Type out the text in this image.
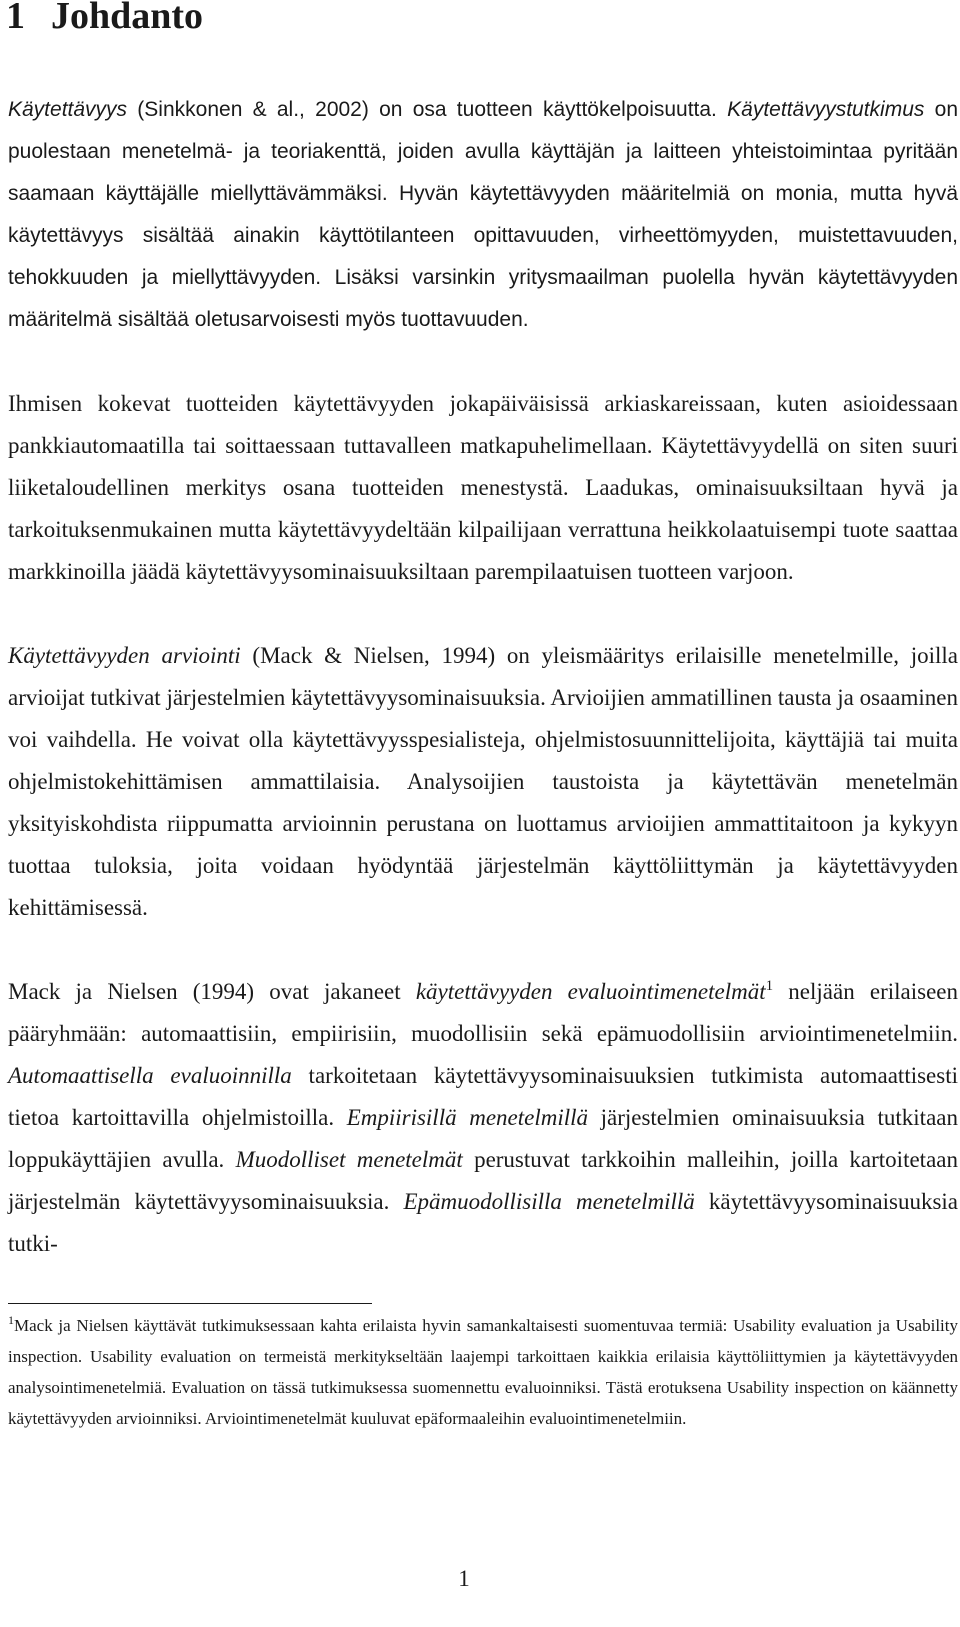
1 Johdanto

Käytettävyys (Sinkkonen & al., 2002) on osa tuotteen käyttökelpoisuutta. Käytettävyystutkimus on puolestaan menetelmä- ja teoriakenttä, joiden avulla käyttäjän ja laitteen yhteistoimintaa pyritään saamaan käyttäjälle miellyttävämmäksi. Hyvän käytettävyyden määritelmiä on monia, mutta hyvä käytettävyys sisältää ainakin käyttötilanteen opittavuuden, virheettömyyden, muistettavuuden, tehokkuuden ja miellyttävyyden. Lisäksi varsinkin yritysmaailman puolella hyvän käytettävyyden määritelmä sisältää oletusarvoisesti myös tuottavuuden.

Ihmisen kokevat tuotteiden käytettävyyden jokapäiväisissä arkiaskareissaan, kuten asioidessaan pankkiautomaatilla tai soittaessaan tuttavalleen matkapuhelimellaan. Käytettävyydellä on siten suuri liiketaloudellinen merkitys osana tuotteiden menestystä. Laadukas, ominaisuuksiltaan hyvä ja tarkoituksenmukainen mutta käytettävyydeltään kilpailijaan verrattuna heikkolaatuisempi tuote saattaa markkinoilla jäädä käytettävyysominaisuuksiltaan parempilaatuisen tuotteen varjoon.

Käytettävyyden arviointi (Mack & Nielsen, 1994) on yleismääritys erilaisille menetelmille, joilla arvioijat tutkivat järjestelmien käytettävyysominaisuuksia. Arvioijien ammatillinen tausta ja osaaminen voi vaihdella. He voivat olla käytettävyysspesialisteja, ohjelmistosuunnittelijoita, käyttäjiä tai muita ohjelmistokehittämisen ammattilaisia. Analysoijien taustoista ja käytettävän menetelmän yksityiskohdista riippumatta arvioinnin perustana on luottamus arvioijien ammattitaitoon ja kykyyn tuottaa tuloksia, joita voidaan hyödyntää järjestelmän käyttöliittymän ja käytettävyyden kehittämisessä.

Mack ja Nielsen (1994) ovat jakaneet käytettävyyden evaluointimenetelmät$^1$ neljään erilaiseen pääryhmään: automaattisiin, empiirisiin, muodollisiin sekä epämuodollisiin arviointimenetelmiin. Automaattisella evaluoinnilla tarkoitetaan käytettävyysominaisuuksien tutkimista automaattisesti tietoa kartoittavilla ohjelmistoilla. Empiirisillä menetelmillä järjestelmien ominaisuuksia tutkitaan loppukäyttäjien avulla. Muodolliset menetelmät perustuvat tarkkoihin malleihin, joilla kartoitetaan järjestelmän käytettävyysominaisuuksia. Epämuodollisilla menetelmillä käytettävyysominaisuuksia tutki-

$^1$Mack ja Nielsen käyttävät tutkimuksessaan kahta erilaista hyvin samankaltaisesti suomentuvaa termiä: Usability evaluation ja Usability inspection. Usability evaluation on termeistä merkitykseltään laajempi tarkoittaen kaikkia erilaisia käyttöliittymien ja käytettävyyden analysointimenetelmiä. Evaluation on tässä tutkimuksessa suomennettu evaluoinniksi. Tästä erotuksena Usability inspection on käännetty käytettävyyden arvioinniksi. Arviointimenetelmät kuuluvat epäformaaleihin evaluointimenetelmiin.

1
